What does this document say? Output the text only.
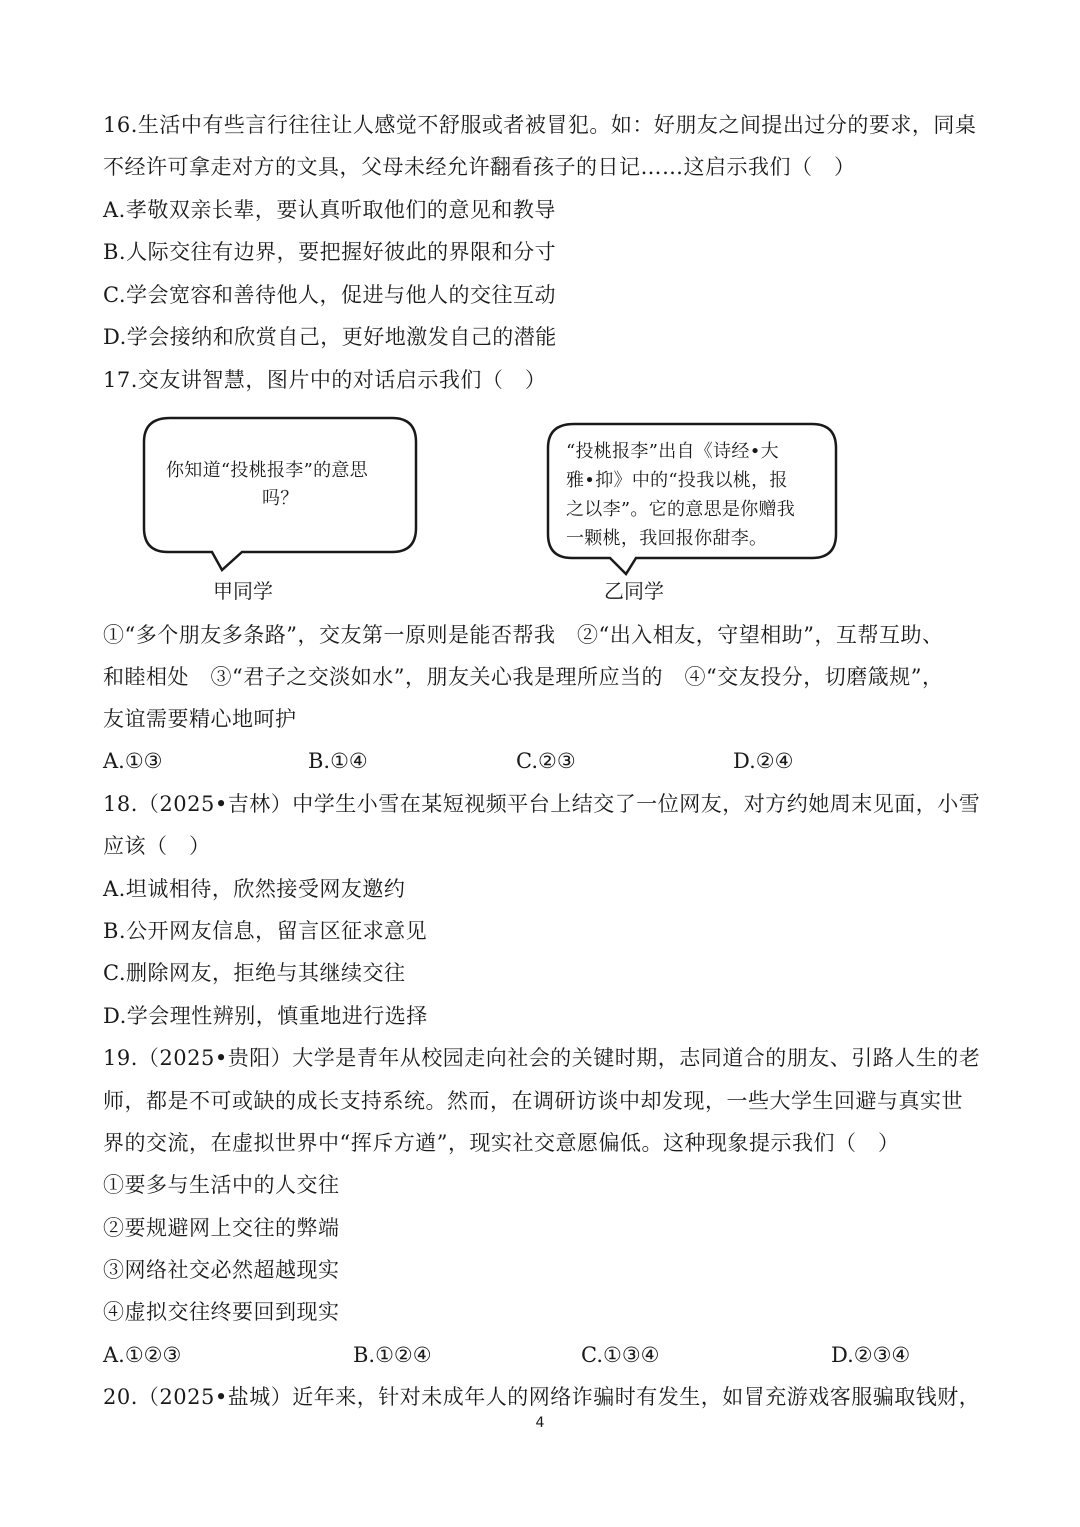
16.生活中有些言行往往让人感觉不舒服或者被冒犯。如：好朋友之间提出过分的要求，同桌
不经许可拿走对方的文具，父母未经允许翻看孩子的日记……这启示我们（　）
A.孝敬双亲长辈，要认真听取他们的意见和教导
B.人际交往有边界，要把握好彼此的界限和分寸
C.学会宽容和善待他人，促进与他人的交往互动
D.学会接纳和欣赏自己，更好地激发自己的潜能
17.交友讲智慧，图片中的对话启示我们（　）
你知道“投桃报李”的意思
吗？
“投桃报李”出自《诗经•大
雅•抑》中的“投我以桃，报
之以李”。它的意思是你赠我
一颗桃，我回报你甜李。
甲同学	乙同学
①“多个朋友多条路”，交友第一原则是能否帮我　②“出入相友，守望相助”，互帮互助、
和睦相处　③“君子之交淡如水”，朋友关心我是理所应当的　④“交友投分，切磨箴规”，
友谊需要精心地呵护
A.①③	B.①④	C.②③	D.②④
18.（2025•吉林）中学生小雪在某短视频平台上结交了一位网友，对方约她周末见面，小雪
应该（　）
A.坦诚相待，欣然接受网友邀约
B.公开网友信息，留言区征求意见
C.删除网友，拒绝与其继续交往
D.学会理性辨别，慎重地进行选择
19.（2025•贵阳）大学是青年从校园走向社会的关键时期，志同道合的朋友、引路人生的老
师，都是不可或缺的成长支持系统。然而，在调研访谈中却发现，一些大学生回避与真实世
界的交流，在虚拟世界中“挥斥方遒”，现实社交意愿偏低。这种现象提示我们（　）
①要多与生活中的人交往
②要规避网上交往的弊端
③网络社交必然超越现实
④虚拟交往终要回到现实
A.①②③	B.①②④	C.①③④	D.②③④
20.（2025•盐城）近年来，针对未成年人的网络诈骗时有发生，如冒充游戏客服骗取钱财，
4
